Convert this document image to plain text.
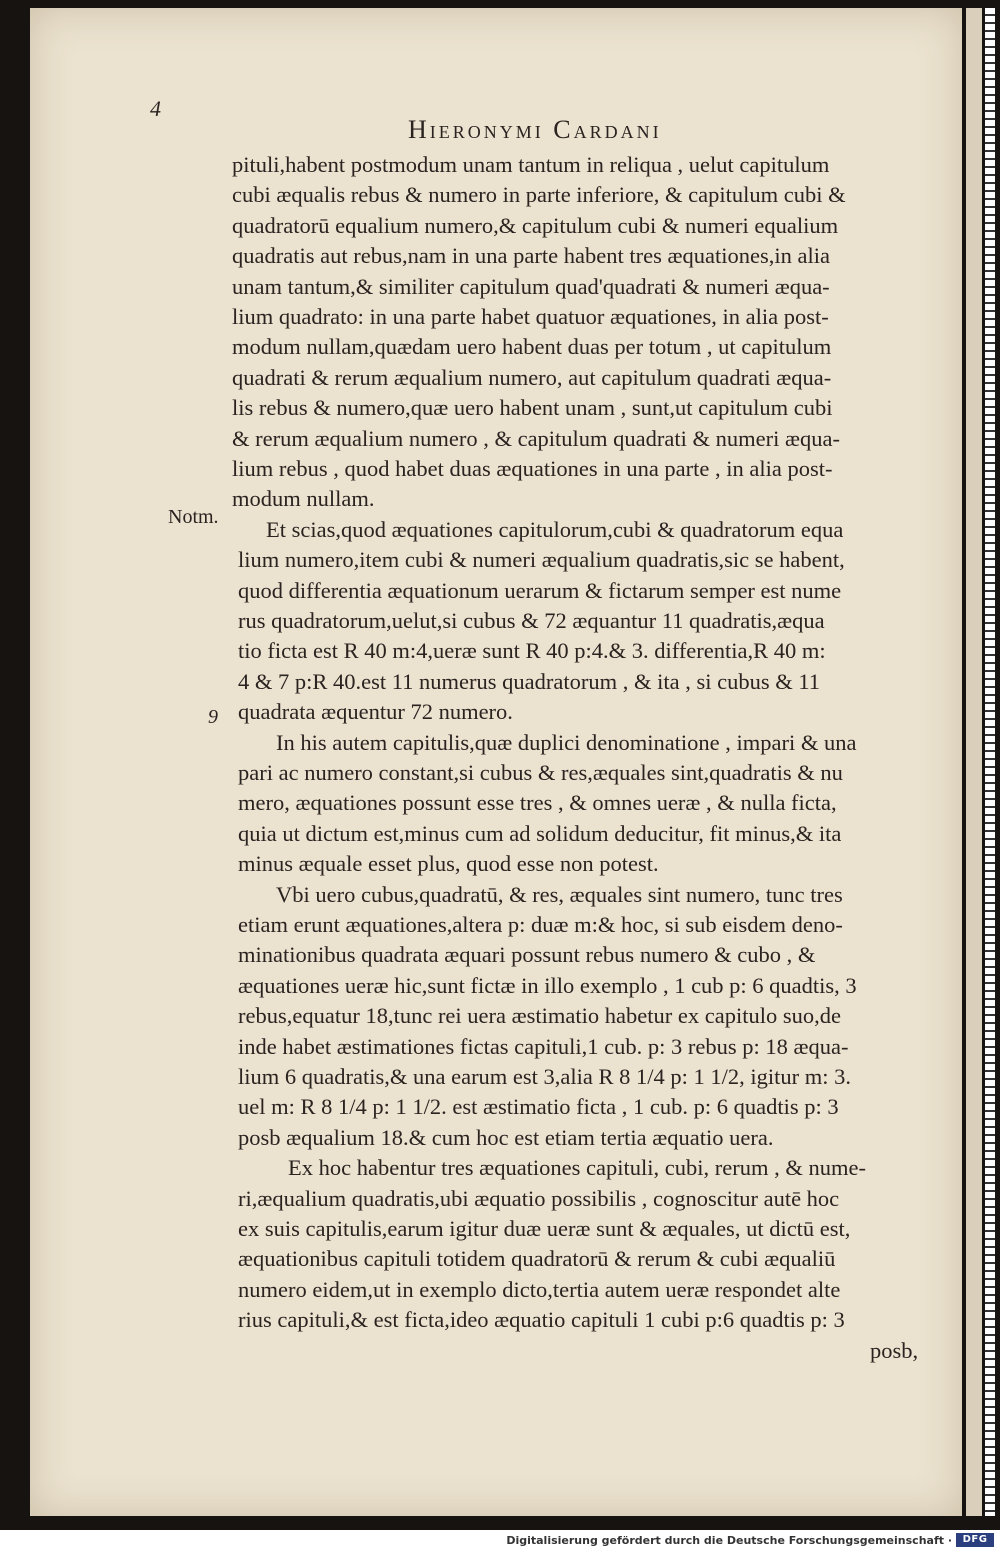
4
Hieronymi Cardani
Notm.
9
pituli,habent postmodum unam tantum in reliqua , uelut capitulum
cubi æqualis rebus & numero in parte inferiore, & capitulum cubi &
quadratorū equalium numero,& capitulum cubi & numeri equalium
quadratis aut rebus,nam in una parte habent tres æquationes,in alia
unam tantum,& similiter capitulum quad'quadrati & numeri æqua-
lium quadrato: in una parte habet quatuor æquationes, in alia post-
modum nullam,quædam uero habent duas per totum , ut capitulum
quadrati & rerum æqualium numero, aut capitulum quadrati æqua-
lis rebus & numero,quæ uero habent unam , sunt,ut capitulum cubi
& rerum æqualium numero , & capitulum quadrati & numeri æqua-
lium rebus , quod habet duas æquationes in una parte , in alia post-
modum nullam.
Et scias,quod æquationes capitulorum,cubi & quadratorum equa
lium numero,item cubi & numeri æqualium quadratis,sic se habent,
quod differentia æquationum uerarum & fictarum semper est nume
rus quadratorum,uelut,si cubus & 72 æquantur 11 quadratis,æqua
tio ficta est R 40 m:4,ueræ sunt R 40 p:4.& 3. differentia,R 40 m:
4 & 7 p:R 40.est 11 numerus quadratorum , & ita , si cubus & 11
quadrata æquentur 72 numero.
In his autem capitulis,quæ duplici denominatione , impari & una
pari ac numero constant,si cubus & res,æquales sint,quadratis & nu
mero, æquationes possunt esse tres , & omnes ueræ , & nulla ficta,
quia ut dictum est,minus cum ad solidum deducitur, fit minus,& ita
minus æquale esset plus, quod esse non potest.
Vbi uero cubus,quadratū, & res, æquales sint numero, tunc tres
etiam erunt æquationes,altera p: duæ m:& hoc, si sub eisdem deno-
minationibus quadrata æquari possunt rebus numero & cubo , &
æquationes ueræ hic,sunt fictæ in illo exemplo , 1 cub p: 6 quadtis, 3
rebus,equatur 18,tunc rei uera æstimatio habetur ex capitulo suo,de
inde habet æstimationes fictas capituli,1 cub. p: 3 rebus p: 18 æqua-
lium 6 quadratis,& una earum est 3,alia R 8 1/4 p: 1 1/2, igitur m: 3.
uel m: R 8 1/4 p: 1 1/2. est æstimatio ficta , 1 cub. p: 6 quadtis p: 3
posb æqualium 18.& cum hoc est etiam tertia æquatio uera.
Ex hoc habentur tres æquationes capituli, cubi, rerum , & nume-
ri,æqualium quadratis,ubi æquatio possibilis , cognoscitur autē hoc
ex suis capitulis,earum igitur duæ ueræ sunt & æquales, ut dictū est,
æquationibus capituli totidem quadratorū & rerum & cubi æqualiū
numero eidem,ut in exemplo dicto,tertia autem ueræ respondet alte
rius capituli,& est ficta,ideo æquatio capituli 1 cubi p:6 quadtis p: 3
posb,
Digitalisierung gefördert durch die Deutsche Forschungsgemeinschaft ·	DFG
